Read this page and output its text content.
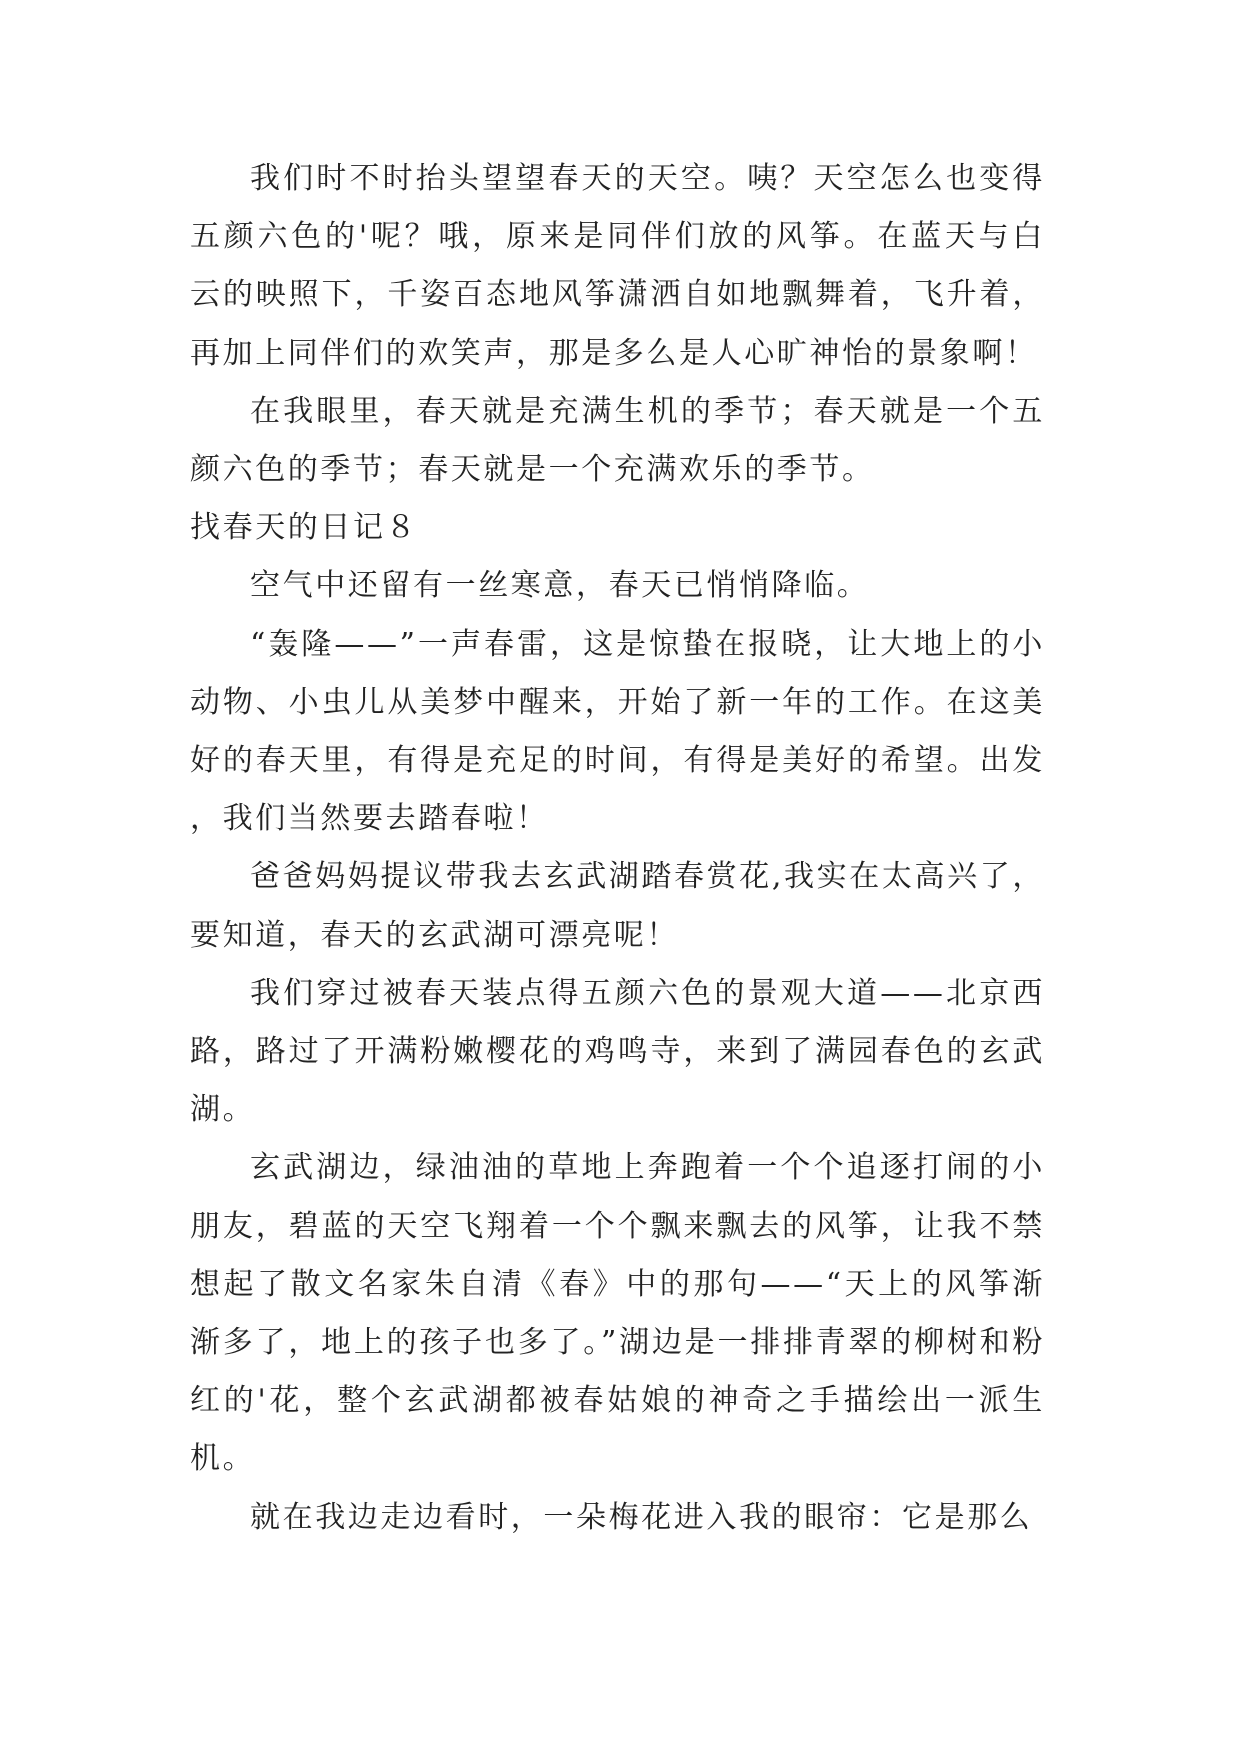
我们时不时抬头望望春天的天空。咦？天空怎么也变得五颜六色的'呢？哦，原来是同伴们放的风筝。在蓝天与白云的映照下，千姿百态地风筝潇洒自如地飘舞着，飞升着，再加上同伴们的欢笑声，那是多么是人心旷神怡的景象啊！

在我眼里，春天就是充满生机的季节；春天就是一个五颜六色的季节；春天就是一个充满欢乐的季节。

找春天的日记８

空气中还留有一丝寒意，春天已悄悄降临。

“轰隆——”一声春雷，这是惊蛰在报晓，让大地上的小动物、小虫儿从美梦中醒来，开始了新一年的工作。在这美好的春天里，有得是充足的时间，有得是美好的希望。出发，我们当然要去踏春啦！

爸爸妈妈提议带我去玄武湖踏春赏花,我实在太高兴了，要知道，春天的玄武湖可漂亮呢！

我们穿过被春天装点得五颜六色的景观大道——北京西路，路过了开满粉嫩樱花的鸡鸣寺，来到了满园春色的玄武湖。

玄武湖边，绿油油的草地上奔跑着一个个追逐打闹的小朋友，碧蓝的天空飞翔着一个个飘来飘去的风筝，让我不禁想起了散文名家朱自清《春》中的那句——“天上的风筝渐渐多了，地上的孩子也多了。”湖边是一排排青翠的柳树和粉红的'花，整个玄武湖都被春姑娘的神奇之手描绘出一派生机。

就在我边走边看时，一朵梅花进入我的眼帘：它是那么
